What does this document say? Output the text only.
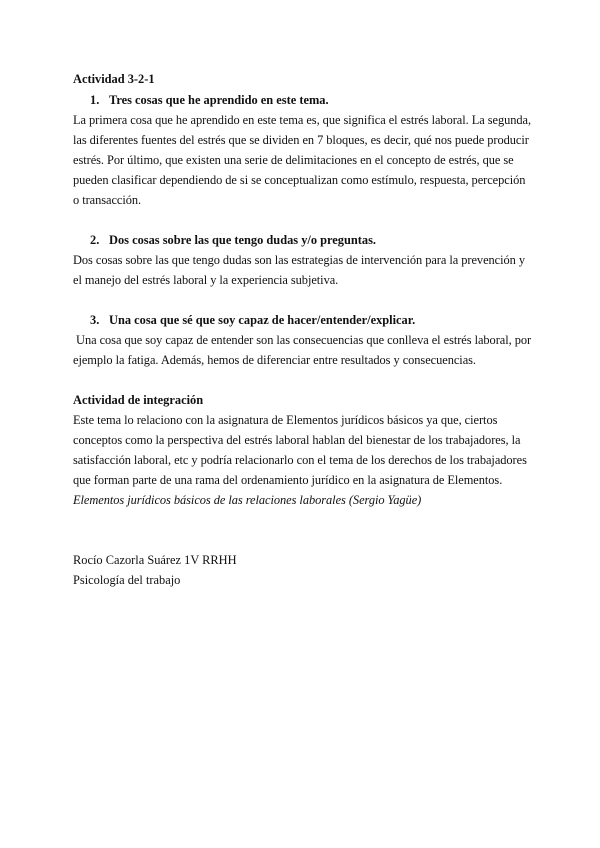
Actividad 3-2-1

1. Tres cosas que he aprendido en este tema.

La primera cosa que he aprendido en este tema es, que significa el estrés laboral. La segunda,

las diferentes fuentes del estrés que se dividen en 7 bloques, es decir, qué nos puede producir

estrés. Por último, que existen una serie de delimitaciones en el concepto de estrés, que se

pueden clasificar dependiendo de si se conceptualizan como estímulo, respuesta, percepción

o transacción.

2. Dos cosas sobre las que tengo dudas y/o preguntas.

Dos cosas sobre las que tengo dudas son las estrategias de intervención para la prevención y

el manejo del estrés laboral y la experiencia subjetiva.

3. Una cosa que sé que soy capaz de hacer/entender/explicar.

Una cosa que soy capaz de entender son las consecuencias que conlleva el estrés laboral, por

ejemplo la fatiga. Además, hemos de diferenciar entre resultados y consecuencias.

Actividad de integración

Este tema lo relaciono con la asignatura de Elementos jurídicos básicos ya que, ciertos

conceptos como la perspectiva del estrés laboral hablan del bienestar de los trabajadores, la

satisfacción laboral, etc y podría relacionarlo con el tema de los derechos de los trabajadores

que forman parte de una rama del ordenamiento jurídico en la asignatura de Elementos.

Elementos jurídicos básicos de las relaciones laborales (Sergio Yagüe)

Rocío Cazorla Suárez 1V RRHH

Psicología del trabajo
